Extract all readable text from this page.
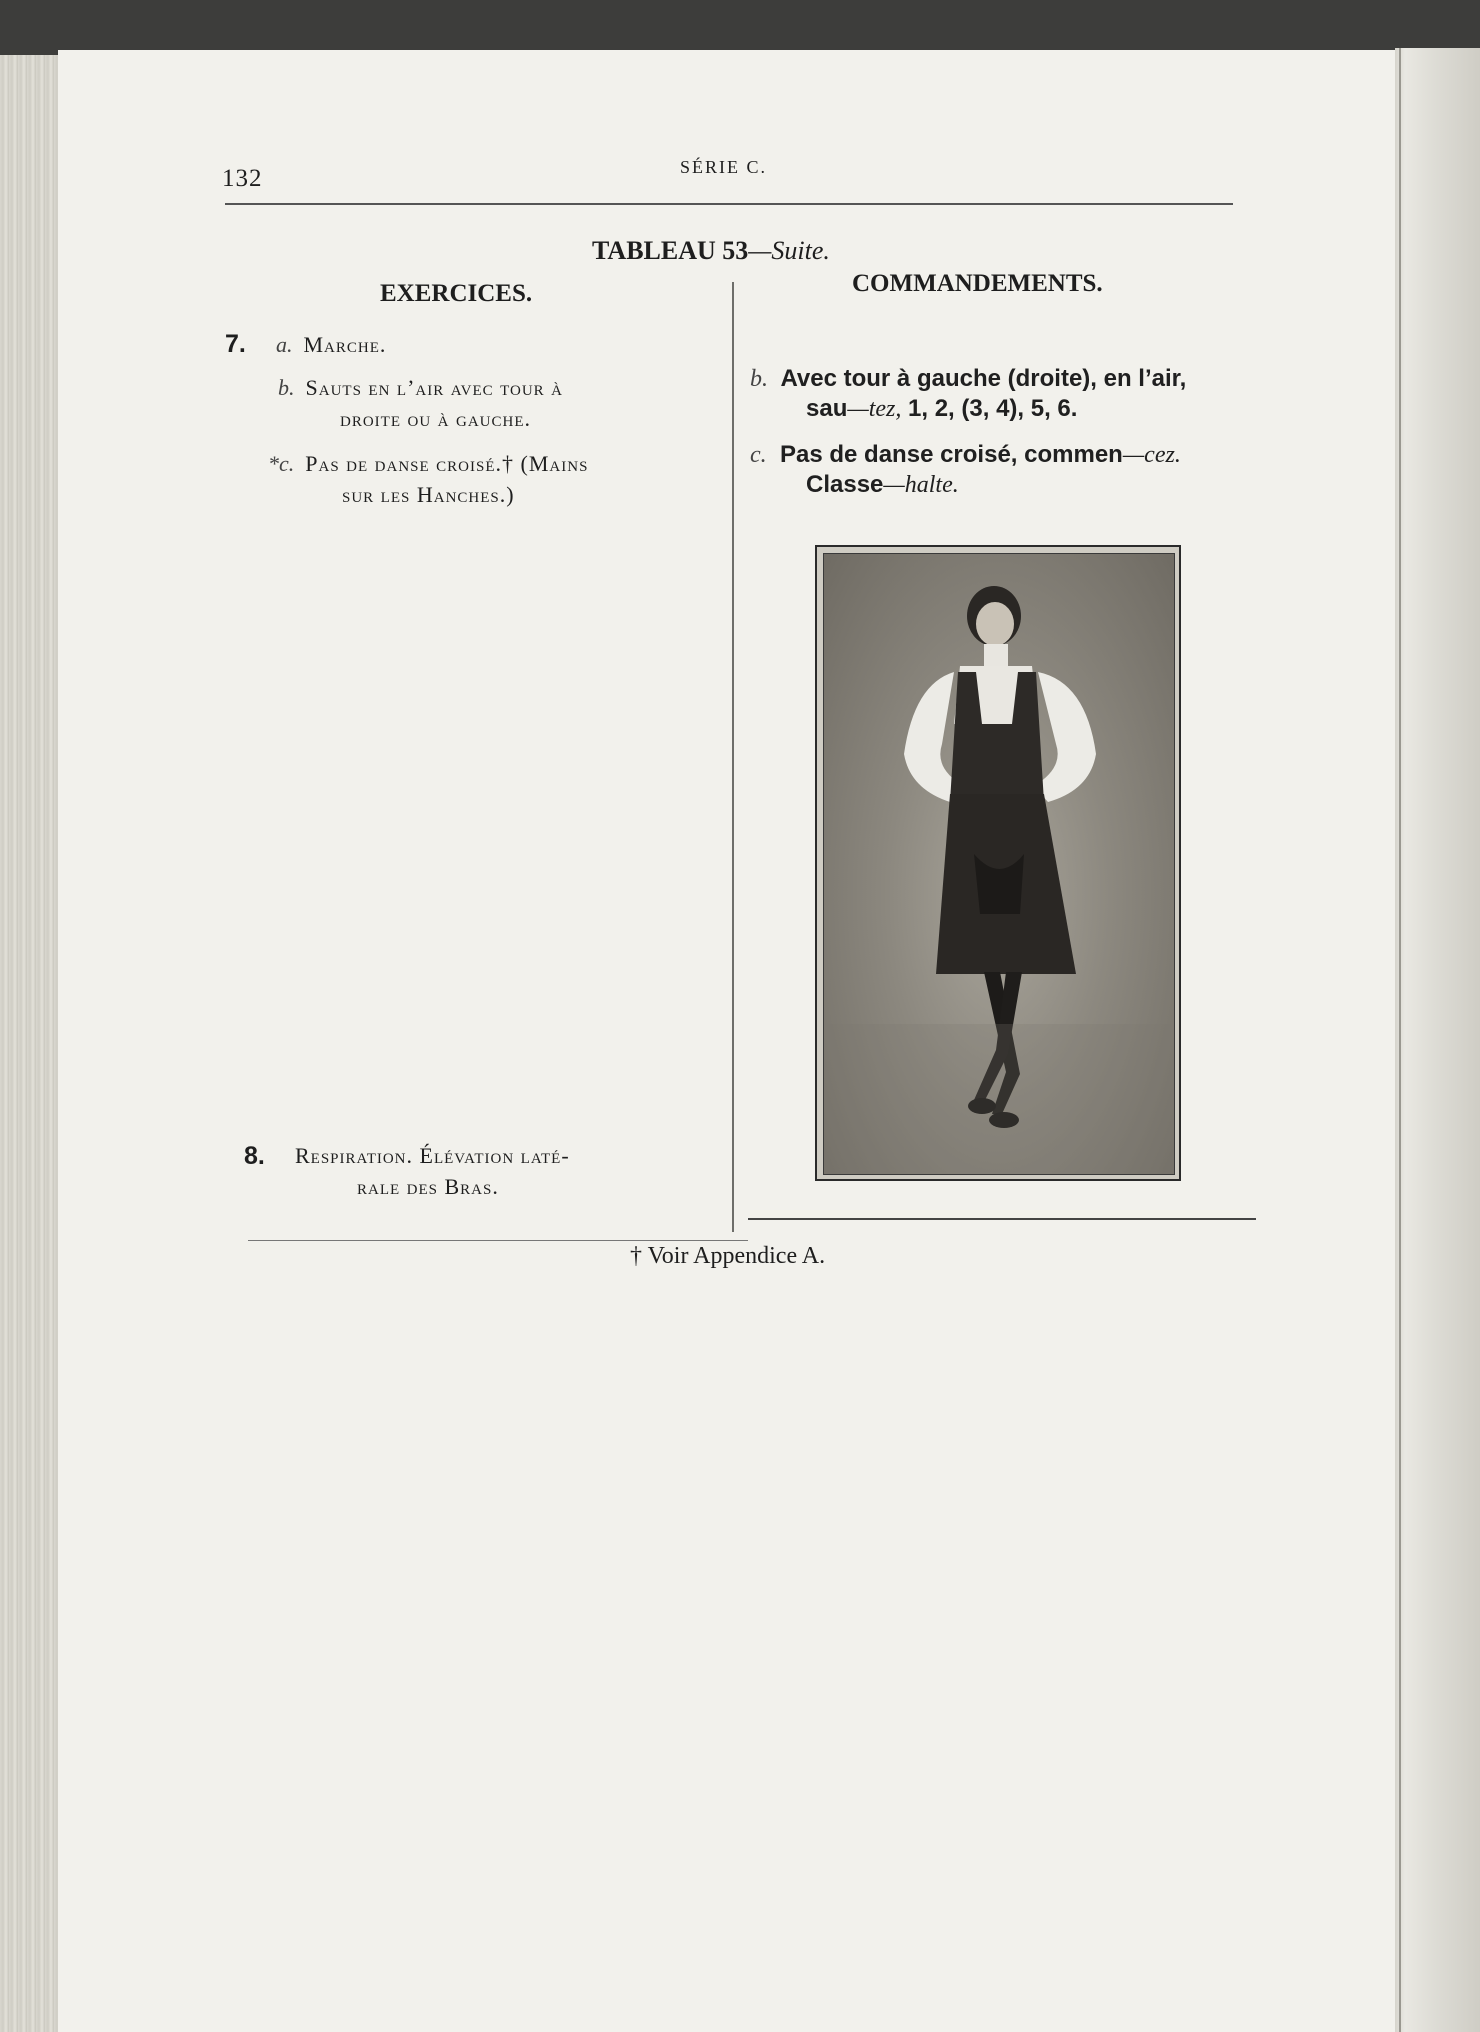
132	SÉRIE C.
TABLEAU 53—Suite.
EXERCICES.	COMMANDEMENTS.
7. a. Marche.
b. Sauts en l’air avec tour à
droite ou à gauche.
*c. Pas de danse croisé.† (Mains
sur les Hanches.)
8. Respiration. Élévation laté-
rale des Bras.
b. Avec tour à gauche (droite), en l’air,
sau—tez, 1, 2, (3, 4), 5, 6.
c. Pas de danse croisé, commen—cez.
Classe—halte.
† Voir Appendice A.
